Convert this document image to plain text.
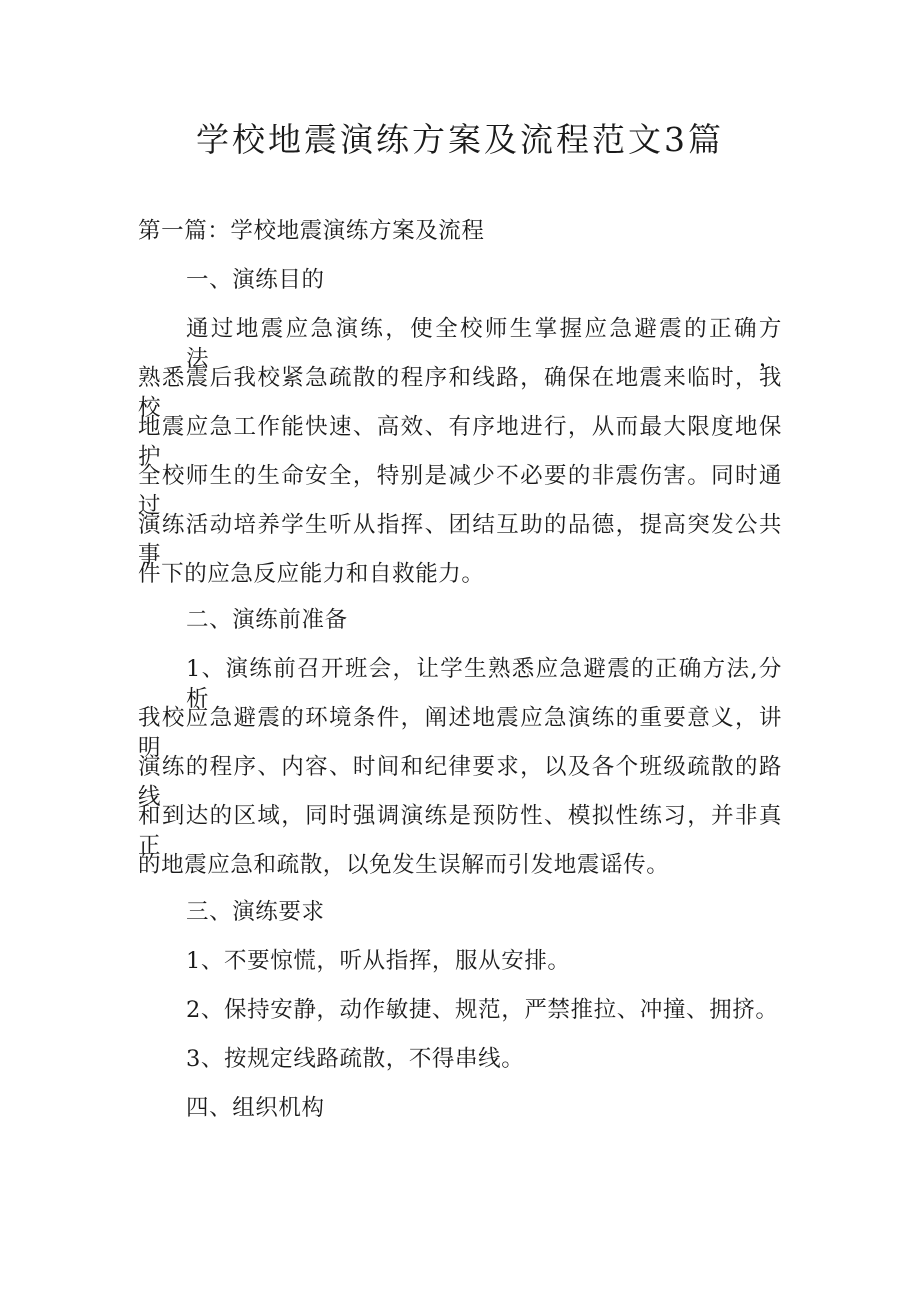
学校地震演练方案及流程范文3篇

第一篇：学校地震演练方案及流程

一、演练目的

通过地震应急演练，使全校师生掌握应急避震的正确方法，

熟悉震后我校紧急疏散的程序和线路，确保在地震来临时，我校

地震应急工作能快速、高效、有序地进行，从而最大限度地保护

全校师生的生命安全，特别是减少不必要的非震伤害。同时通过

演练活动培养学生听从指挥、团结互助的品德，提高突发公共事

件下的应急反应能力和自救能力。

二、演练前准备

1、演练前召开班会，让学生熟悉应急避震的正确方法,分析

我校应急避震的环境条件，阐述地震应急演练的重要意义，讲明

演练的程序、内容、时间和纪律要求，以及各个班级疏散的路线

和到达的区域，同时强调演练是预防性、模拟性练习，并非真正

的地震应急和疏散，以免发生误解而引发地震谣传。

三、演练要求

1、不要惊慌，听从指挥，服从安排。

2、保持安静，动作敏捷、规范，严禁推拉、冲撞、拥挤。

3、按规定线路疏散，不得串线。

四、组织机构
